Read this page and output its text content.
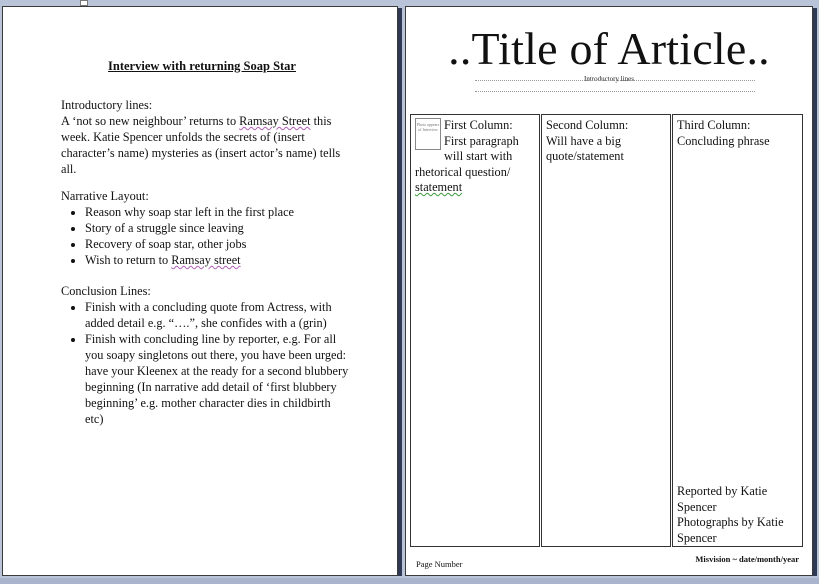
Interview with returning Soap Star
Introductory lines:
A ‘not so new neighbour’ returns to Ramsay Street this week. Katie Spencer unfolds the secrets of (insert character’s name) mysteries as (insert actor’s name) tells all.
Narrative Layout:
• Reason why soap star left in the first place
• Story of a struggle since leaving
• Recovery of soap star, other jobs
• Wish to return to Ramsay street
Conclusion Lines:
• Finish with a concluding quote from Actress, with added detail e.g. “….”, she confides with a (grin)
• Finish with concluding line by reporter, e.g. For all you soapy singletons out there, you have been urged: have your Kleenex at the ready for a second blubbery beginning (In narrative add detail of ‘first blubbery beginning’ e.g. mother character dies in childbirth etc)
..Title of Article..
Introductory lines
Photo appears of Interview First Column:
First paragraph will start with rhetorical question/ statement
Second Column:
Will have a big quote/statement
Third Column:
Concluding phrase
Reported by Katie Spencer
Photographs by Katie Spencer
Page Number	Misvision ~ date/month/year
